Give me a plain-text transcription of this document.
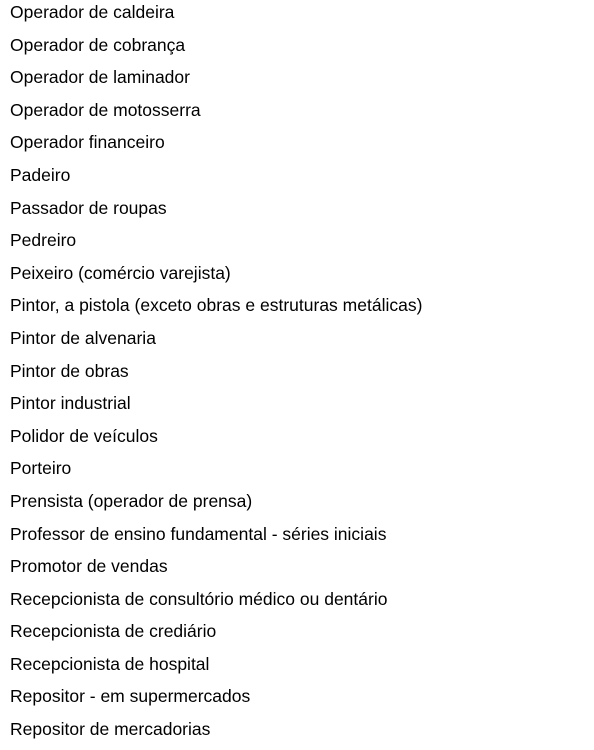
Operador de caldeira
Operador de cobrança
Operador de laminador
Operador de motosserra
Operador financeiro
Padeiro
Passador de roupas
Pedreiro
Peixeiro (comércio varejista)
Pintor, a pistola (exceto obras e estruturas metálicas)
Pintor de alvenaria
Pintor de obras
Pintor industrial
Polidor de veículos
Porteiro
Prensista (operador de prensa)
Professor de ensino fundamental - séries iniciais
Promotor de vendas
Recepcionista de consultório médico ou dentário
Recepcionista de crediário
Recepcionista de hospital
Repositor - em supermercados
Repositor de mercadorias
